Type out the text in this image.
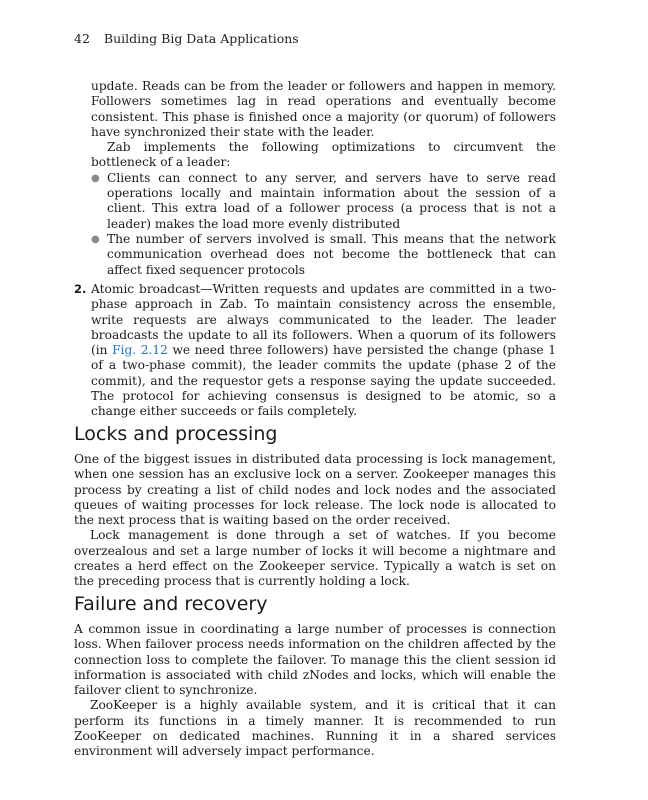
42 Building Big Data Applications

update. Reads can be from the leader or followers and happen in memory. Followers sometimes lag in read operations and eventually become consistent. This phase is finished once a majority (or quorum) of followers have synchronized their state with the leader.

Zab implements the following optimizations to circumvent the bottleneck of a leader:

● Clients can connect to any server, and servers have to serve read operations locally and maintain information about the session of a client. This extra load of a follower process (a process that is not a leader) makes the load more evenly distributed
● The number of servers involved is small. This means that the network communication overhead does not become the bottleneck that can affect fixed sequencer protocols
2. Atomic broadcast—Written requests and updates are committed in a two-phase approach in Zab. To maintain consistency across the ensemble, write requests are always communicated to the leader. The leader broadcasts the update to all its followers. When a quorum of its followers (in Fig. 2.12 we need three followers) have persisted the change (phase 1 of a two-phase commit), the leader commits the update (phase 2 of the commit), and the requestor gets a response saying the update succeeded. The protocol for achieving consensus is designed to be atomic, so a change either succeeds or fails completely.
Locks and processing

One of the biggest issues in distributed data processing is lock management, when one session has an exclusive lock on a server. Zookeeper manages this process by creating a list of child nodes and lock nodes and the associated queues of waiting processes for lock release. The lock node is allocated to the next process that is waiting based on the order received.

Lock management is done through a set of watches. If you become overzealous and set a large number of locks it will become a nightmare and creates a herd effect on the Zookeeper service. Typically a watch is set on the preceding process that is currently holding a lock.

Failure and recovery

A common issue in coordinating a large number of processes is connection loss. When failover process needs information on the children affected by the connection loss to complete the failover. To manage this the client session id information is associated with child zNodes and locks, which will enable the failover client to synchronize.

ZooKeeper is a highly available system, and it is critical that it can perform its functions in a timely manner. It is recommended to run ZooKeeper on dedicated machines. Running it in a shared services environment will adversely impact performance.
